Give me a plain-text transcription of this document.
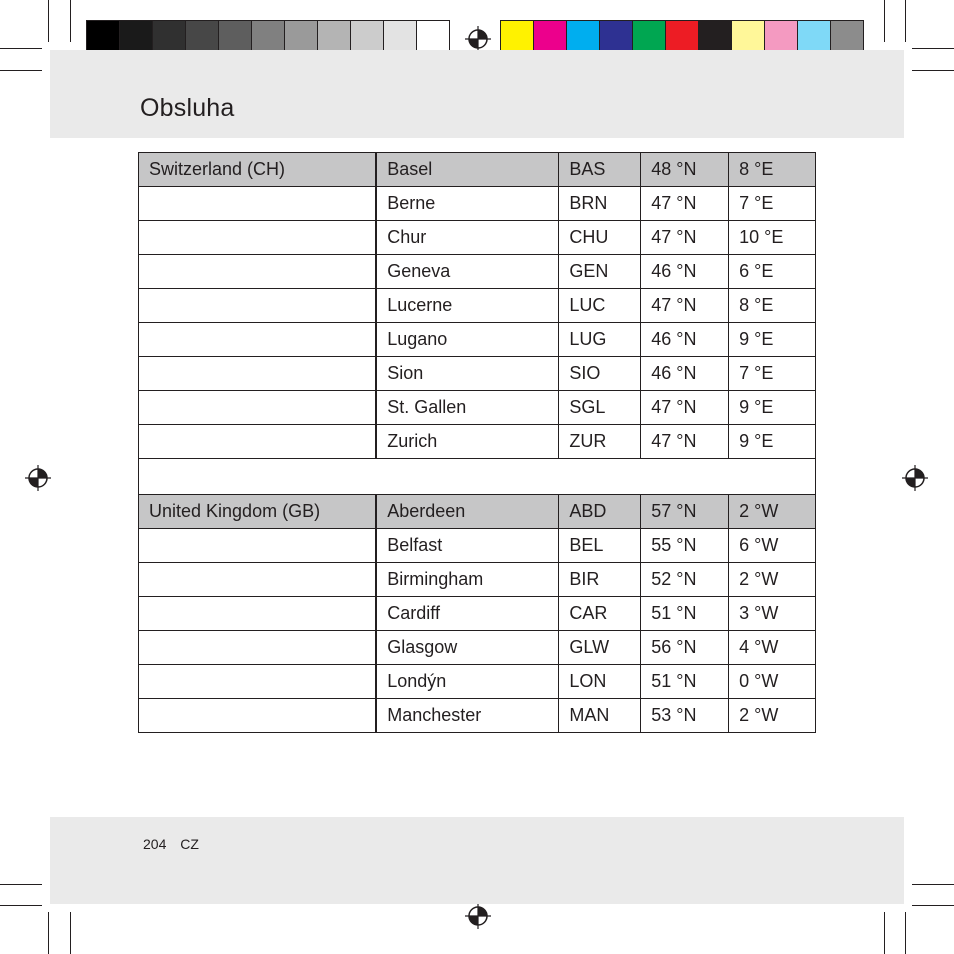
Obsluha
Switzerland (CH)	Basel	BAS	48 °N	8 °E
	Berne	BRN	47 °N	7 °E
	Chur	CHU	47 °N	10 °E
	Geneva	GEN	46 °N	6 °E
	Lucerne	LUC	47 °N	8 °E
	Lugano	LUG	46 °N	9 °E
	Sion	SIO	46 °N	7 °E
	St. Gallen	SGL	47 °N	9 °E
	Zurich	ZUR	47 °N	9 °E

United Kingdom (GB)	Aberdeen	ABD	57 °N	2 °W
	Belfast	BEL	55 °N	6 °W
	Birmingham	BIR	52 °N	2 °W
	Cardiff	CAR	51 °N	3 °W
	Glasgow	GLW	56 °N	4 °W
	Londýn	LON	51 °N	0 °W
	Manchester	MAN	53 °N	2 °W
204 CZ
